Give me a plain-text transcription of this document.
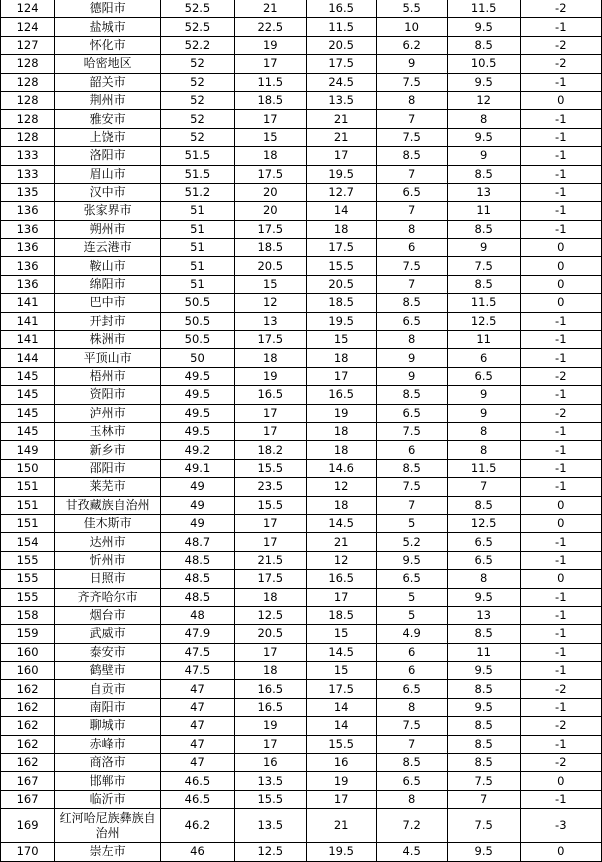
124	德阳市	52.5	21	16.5	5.5	11.5	-2
124	盐城市	52.5	22.5	11.5	10	9.5	-1
127	怀化市	52.2	19	20.5	6.2	8.5	-2
128	哈密地区	52	17	17.5	9	10.5	-2
128	韶关市	52	11.5	24.5	7.5	9.5	-1
128	荆州市	52	18.5	13.5	8	12	0
128	雅安市	52	17	21	7	8	-1
128	上饶市	52	15	21	7.5	9.5	-1
133	洛阳市	51.5	18	17	8.5	9	-1
133	眉山市	51.5	17.5	19.5	7	8.5	-1
135	汉中市	51.2	20	12.7	6.5	13	-1
136	张家界市	51	20	14	7	11	-1
136	朔州市	51	17.5	18	8	8.5	-1
136	连云港市	51	18.5	17.5	6	9	0
136	鞍山市	51	20.5	15.5	7.5	7.5	0
136	绵阳市	51	15	20.5	7	8.5	0
141	巴中市	50.5	12	18.5	8.5	11.5	0
141	开封市	50.5	13	19.5	6.5	12.5	-1
141	株洲市	50.5	17.5	15	8	11	-1
144	平顶山市	50	18	18	9	6	-1
145	梧州市	49.5	19	17	9	6.5	-2
145	资阳市	49.5	16.5	16.5	8.5	9	-1
145	泸州市	49.5	17	19	6.5	9	-2
145	玉林市	49.5	17	18	7.5	8	-1
149	新乡市	49.2	18.2	18	6	8	-1
150	邵阳市	49.1	15.5	14.6	8.5	11.5	-1
151	莱芜市	49	23.5	12	7.5	7	-1
151	甘孜藏族自治州	49	15.5	18	7	8.5	0
151	佳木斯市	49	17	14.5	5	12.5	0
154	达州市	48.7	17	21	5.2	6.5	-1
155	忻州市	48.5	21.5	12	9.5	6.5	-1
155	日照市	48.5	17.5	16.5	6.5	8	0
155	齐齐哈尔市	48.5	18	17	5	9.5	-1
158	烟台市	48	12.5	18.5	5	13	-1
159	武威市	47.9	20.5	15	4.9	8.5	-1
160	泰安市	47.5	17	14.5	6	11	-1
160	鹤壁市	47.5	18	15	6	9.5	-1
162	自贡市	47	16.5	17.5	6.5	8.5	-2
162	南阳市	47	16.5	14	8	9.5	-1
162	聊城市	47	19	14	7.5	8.5	-2
162	赤峰市	47	17	15.5	7	8.5	-1
162	商洛市	47	16	16	8.5	8.5	-2
167	邯郸市	46.5	13.5	19	6.5	7.5	0
167	临沂市	46.5	15.5	17	8	7	-1
169	红河哈尼族彝族自治州	46.2	13.5	21	7.2	7.5	-3
170	崇左市	46	12.5	19.5	4.5	9.5	0
